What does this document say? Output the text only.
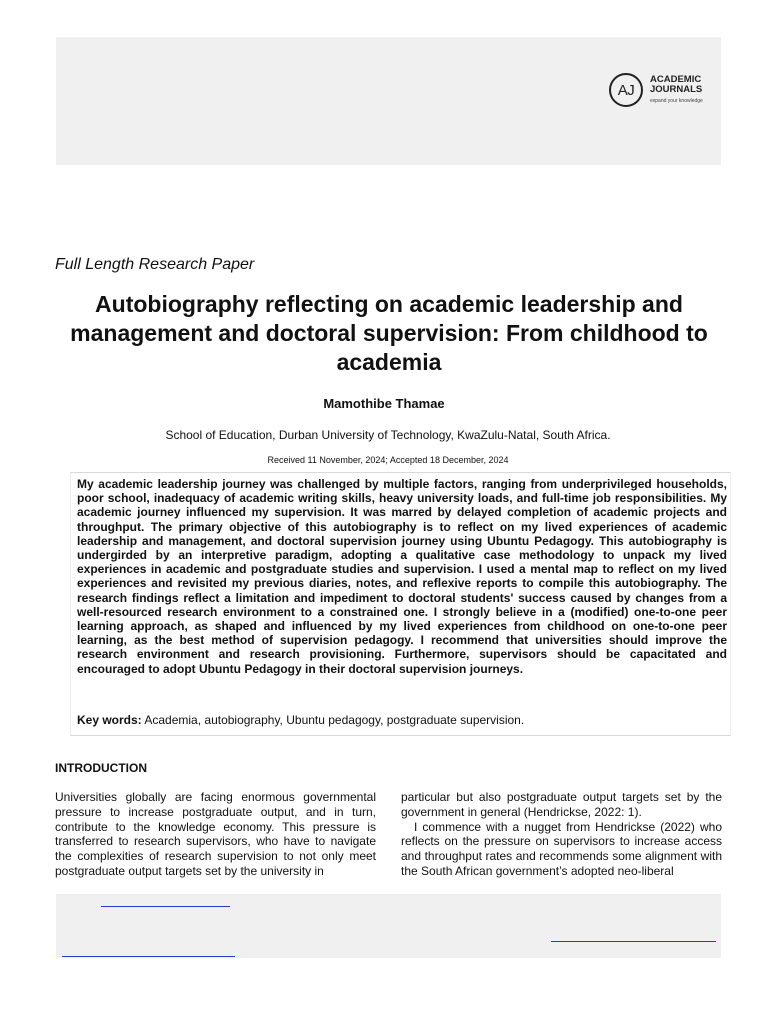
AJ
ACADEMIC
JOURNALS
expand your knowledge
Full Length Research Paper
Autobiography reflecting on academic leadership and management and doctoral supervision: From childhood to academia
Mamothibe Thamae
School of Education, Durban University of Technology, KwaZulu-Natal, South Africa.
Received 11 November, 2024; Accepted 18 December, 2024

My academic leadership journey was challenged by multiple factors, ranging from underprivileged households, poor school, inadequacy of academic writing skills, heavy university loads, and full-time job responsibilities. My academic journey influenced my supervision. It was marred by delayed completion of academic projects and throughput. The primary objective of this autobiography is to reflect on my lived experiences of academic leadership and management, and doctoral supervision journey using Ubuntu Pedagogy. This autobiography is undergirded by an interpretive paradigm, adopting a qualitative case methodology to unpack my lived experiences in academic and postgraduate studies and supervision. I used a mental map to reflect on my lived experiences and revisited my previous diaries, notes, and reflexive reports to compile this autobiography. The research findings reflect a limitation and impediment to doctoral students' success caused by changes from a well-resourced research environment to a constrained one. I strongly believe in a (modified) one-to-one peer learning approach, as shaped and influenced by my lived experiences from childhood on one-to-one peer learning, as the best method of supervision pedagogy. I recommend that universities should improve the research environment and research provisioning. Furthermore, supervisors should be capacitated and encouraged to adopt Ubuntu Pedagogy in their doctoral supervision journeys.

Key words: Academia, autobiography, Ubuntu pedagogy, postgraduate supervision.

INTRODUCTION

Universities globally are facing enormous governmental pressure to increase postgraduate output, and in turn, contribute to the knowledge economy. This pressure is transferred to research supervisors, who have to navigate the complexities of research supervision to not only meet postgraduate output targets set by the university in

particular but also postgraduate output targets set by the government in general (Hendrickse, 2022: 1).
I commence with a nugget from Hendrickse (2022) who reflects on the pressure on supervisors to increase access and throughput rates and recommends some alignment with the South African government’s adopted neo-liberal
